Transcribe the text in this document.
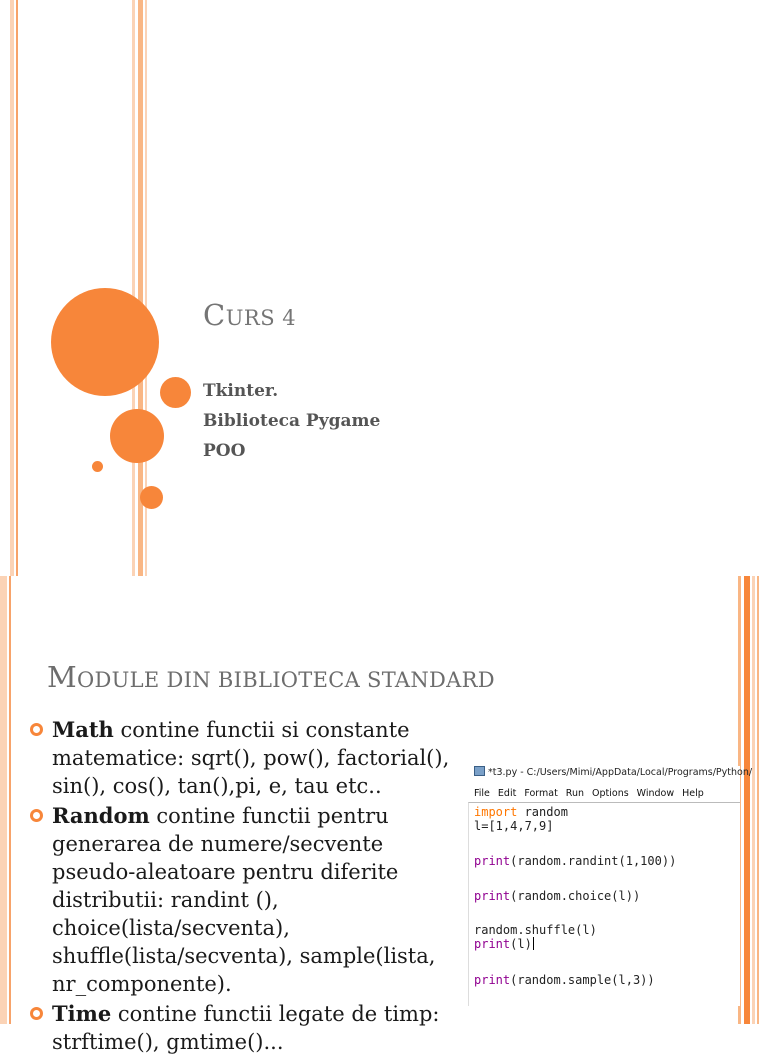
CURS 4
Tkinter.
Biblioteca Pygame
POO
MODULE DIN BIBLIOTECA STANDARD
Math contine functii si constante matematice: sqrt(), pow(), factorial(), sin(), cos(), tan(),pi, e, tau etc..
Random contine functii pentru generarea de numere/secvente pseudo-aleatoare pentru diferite distributii: randint (), choice(lista/secventa), shuffle(lista/secventa), sample(lista, nr_componente).
Time contine functii legate de timp: strftime(), gmtime()...
*t3.py - C:/Users/Mimi/AppData/Local/Programs/Python/
File Edit Format Run Options Window Help
import random
l=[1,4,7,9]
print(random.randint(1,100))
print(random.choice(l))
random.shuffle(l)
print(l)
print(random.sample(l,3))
